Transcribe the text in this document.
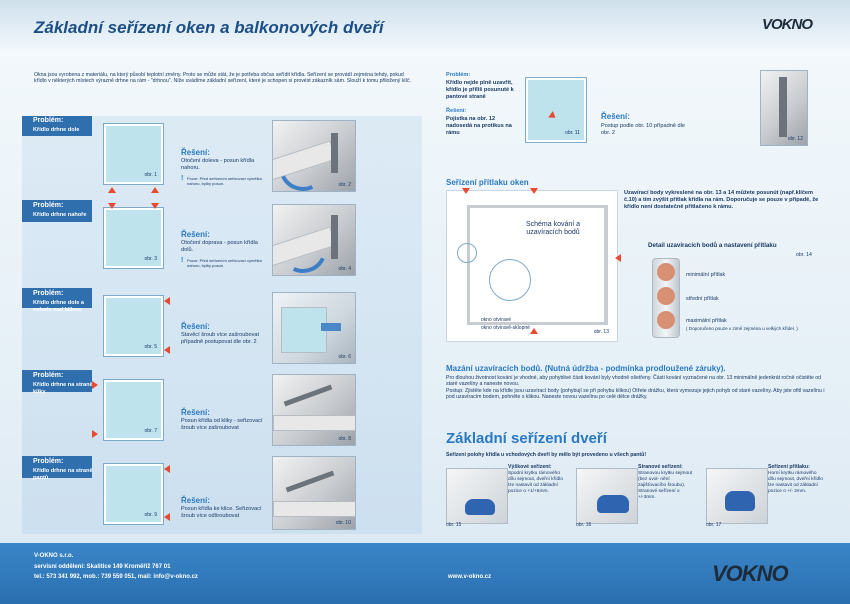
Základní seřízení oken a balkonových dveří	VOKNO
Okna jsou vyrobena z materiálu, na který působí teplotní změny. Proto se může stát, že je potřeba občas seřídit křídla. Seřízení se provádí zejména tehdy, pokud křídlo v některých místech výrazně drhne na rám - "drhnou". Níže uvádíme základní seřízení, které je schopen si provést zákazník sám. Slouží k tomu přiložený klíč.
Problém:
Křídlo drhne dole
obr. 1
Řešení:
Otočení doleva - posun křídla nahoru.
! Pozor: Před seřízením seřizovací vymělka nahoru, bylby posun.	obr. 2
Problém:
Křídlo drhne nahoře
obr. 3
Řešení:
Otočení doprava - posun křídla dolů.
! Pozor: Před seřízením seřizovací vymělka nahoru, bylby posun.
obr. 4
Problém:
Křídlo drhne dole a nahoře nad klikou
obr. 5
Řešení:
Stavěcí šroub více zašroubovat případně postupovat dle obr. 2
obr. 6
Problém:
Křídlo drhne na straně kliky
obr. 7
Řešení:
Posun křídla od kliky - seřizovací šroub více zašroubovat
obr. 8
Problém:
Křídlo drhne na straně pantů
obr. 9
Řešení:
Posun křídla ke klice. Seřizovací šroub více odšroubovat
obr. 10
Problém:
Křídlo nejde plně uzavřít, křídlo je příliš posunuté k pantové straně
Řešení:
Pojistka na obr. 12 nadosedá na protikus na rámu	obr. 11
Řešení:
Postup podle obr. 10 případně dle obr. 2
obr. 12
Seřízení přítlaku oken
Schéma kování a uzavíracích bodů
okno otvíravé
okno otvíravě-sklopné
obr. 13
Uzavírací body vykreslené na obr. 13 a 14 můžete posunút (např.klíčem č.10) a tím zvýšit přítlak křídla na rám. Doporučuje se pouze v případě, že křídlo není dostatečně přitlačeno k rámu.
Detail uzavíracích bodů a nastavení přítlaku
obr. 14
minimální přítlak
střední přítlak
maximální přítlak
( Doporučeno pouze v zimě zejména u velkých křídel. )
Mazání uzavíracích bodů. (Nutná údržba - podmínka prodloužené záruky).
Pro dlouhou životnost kování je vhodné, aby pohyblivé části kování byly vhodně ošetřeny. Části kování vyznačené na obr. 13 minimálně jedenkrát ročně očistěte od staré vazelíny a naneste novou.
Postup: Zjistěte kde na křídle jsou uzavírací body (pohybují se při pohybu klikou) Otřete drážku, která vymezuje jejich pohyb od staré vazelíny. Aby jste ofitl vazelínu i pod uzavíracím bodem, pohněte s klikou. Naneste novou vazelínu po celé délce drážky.
Základní seřízení dveří
Seřízení polohy křídla u vchodových dveří by mělo být provedeno u všech pantů!
Výškové seřízení:
Spodní krytku rámového dílu sejmout, dveřní křídlo lze nastavit od základní pozice o +1/+5mm.
obr. 15
Stranové seřízení:
Stranovou krytku sejmout (bez uvol- nění zajišťovacího šroubu). Stranové seřízení o +/-3mm.
obr. 16
Seřízení přítlaku:
Horní krytku rámového dílu sejmout, dveřní křídlo lze nastavit od základní pozice o +/- 2mm.
obr. 17
V-OKNO s.r.o.
servisní oddělení: Skalitice 149 Kroměříž 767 01
tel.: 573 341 992, mob.: 739 559 051, mail: info@v-okno.cz	www.v-okno.cz	VOKNO
